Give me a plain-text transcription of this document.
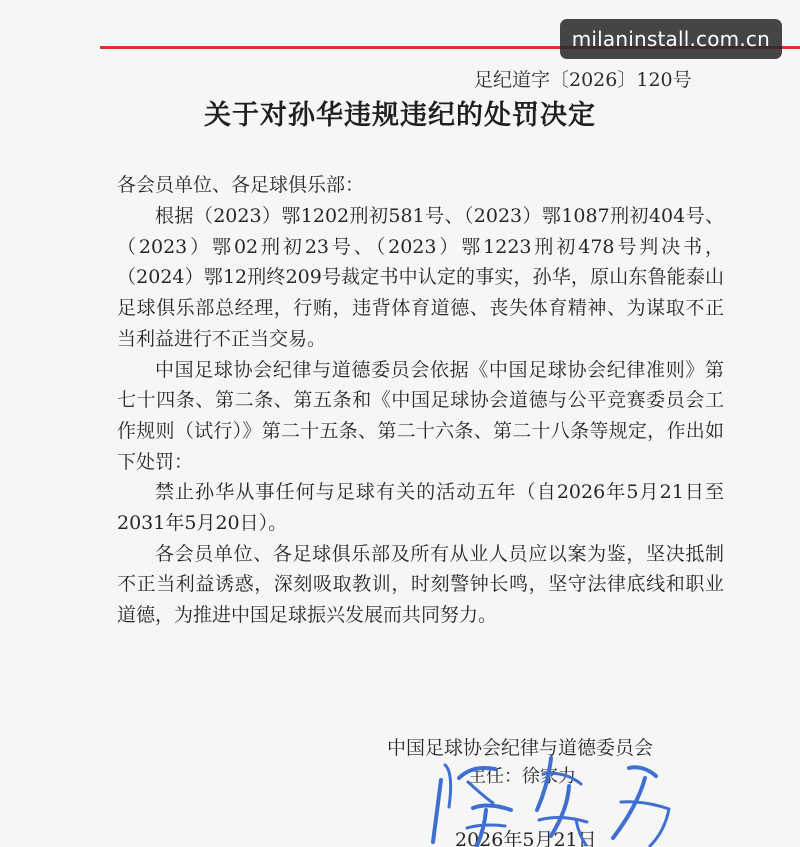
milaninstall.com.cn
足纪道字〔2026〕120号
关于对孙华违规违纪的处罚决定
各会员单位、各足球俱乐部：

根据（2023）鄂1202刑初581号、（2023）鄂1087刑初404号、（2023）鄂02刑初23号、（2023）鄂1223刑初478号判决书，（2024）鄂12刑终209号裁定书中认定的事实，孙华，原山东鲁能泰山足球俱乐部总经理，行贿，违背体育道德、丧失体育精神、为谋取不正当利益进行不正当交易。

中国足球协会纪律与道德委员会依据《中国足球协会纪律准则》第七十四条、第二条、第五条和《中国足球协会道德与公平竞赛委员会工作规则（试行）》第二十五条、第二十六条、第二十八条等规定，作出如下处罚：

禁止孙华从事任何与足球有关的活动五年（自2026年5月21日至2031年5月20日）。

各会员单位、各足球俱乐部及所有从业人员应以案为鉴，坚决抵制不正当利益诱惑，深刻吸取教训，时刻警钟长鸣，坚守法律底线和职业道德，为推进中国足球振兴发展而共同努力。

中国足球协会纪律与道德委员会
主任：徐家力
2026年5月21日
